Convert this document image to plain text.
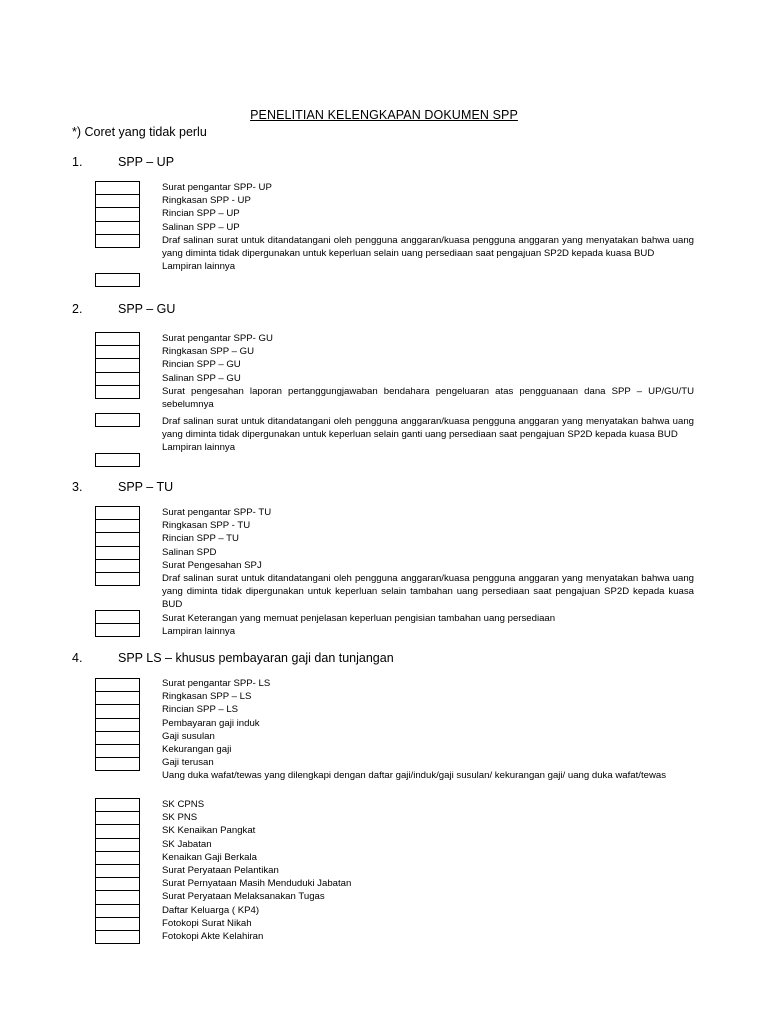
PENELITIAN KELENGKAPAN DOKUMEN SPP
*) Coret yang tidak perlu
1.	SPP – UP

Surat pengantar SPP- UP

Ringkasan SPP - UP

Rincian SPP – UP

Salinan SPP – UP

Draf salinan surat untuk ditandatangani oleh pengguna anggaran/kuasa pengguna anggaran yang menyatakan bahwa uang yang diminta tidak dipergunakan untuk keperluan selain uang persediaan saat pengajuan SP2D kepada kuasa BUD

Lampiran lainnya

2.	SPP – GU

Surat pengantar SPP- GU

Ringkasan SPP – GU

Rincian SPP – GU

Salinan SPP – GU

Surat pengesahan laporan pertanggungjawaban bendahara pengeluaran atas pengguanaan dana SPP – UP/GU/TU sebelumnya

Draf salinan surat untuk ditandatangani oleh pengguna anggaran/kuasa pengguna anggaran yang menyatakan bahwa uang yang diminta tidak dipergunakan untuk keperluan selain ganti uang persediaan saat pengajuan SP2D kepada kuasa BUD

Lampiran lainnya

3.	SPP – TU

Surat pengantar SPP- TU

Ringkasan SPP - TU

Rincian SPP – TU

Salinan SPD

Surat Pengesahan SPJ

Draf salinan surat untuk ditandatangani oleh pengguna anggaran/kuasa pengguna anggaran yang menyatakan bahwa uang yang diminta tidak dipergunakan untuk keperluan selain tambahan uang persediaan saat pengajuan SP2D kepada kuasa BUD

Surat Keterangan yang memuat penjelasan keperluan pengisian tambahan uang persediaan

Lampiran lainnya

4.	SPP LS – khusus pembayaran gaji dan tunjangan

Surat pengantar SPP- LS

Ringkasan SPP – LS

Rincian SPP – LS

Pembayaran gaji induk

Gaji susulan

Kekurangan gaji

Gaji terusan

Uang duka wafat/tewas yang dilengkapi dengan daftar gaji/induk/gaji susulan/ kekurangan gaji/ uang duka wafat/tewas

SK CPNS

SK PNS

SK Kenaikan Pangkat

SK Jabatan

Kenaikan Gaji Berkala

Surat Peryataan Pelantikan

Surat Pernyataan Masih Menduduki Jabatan

Surat Peryataan Melaksanakan Tugas

Daftar Keluarga ( KP4)

Fotokopi Surat Nikah

Fotokopi Akte Kelahiran
